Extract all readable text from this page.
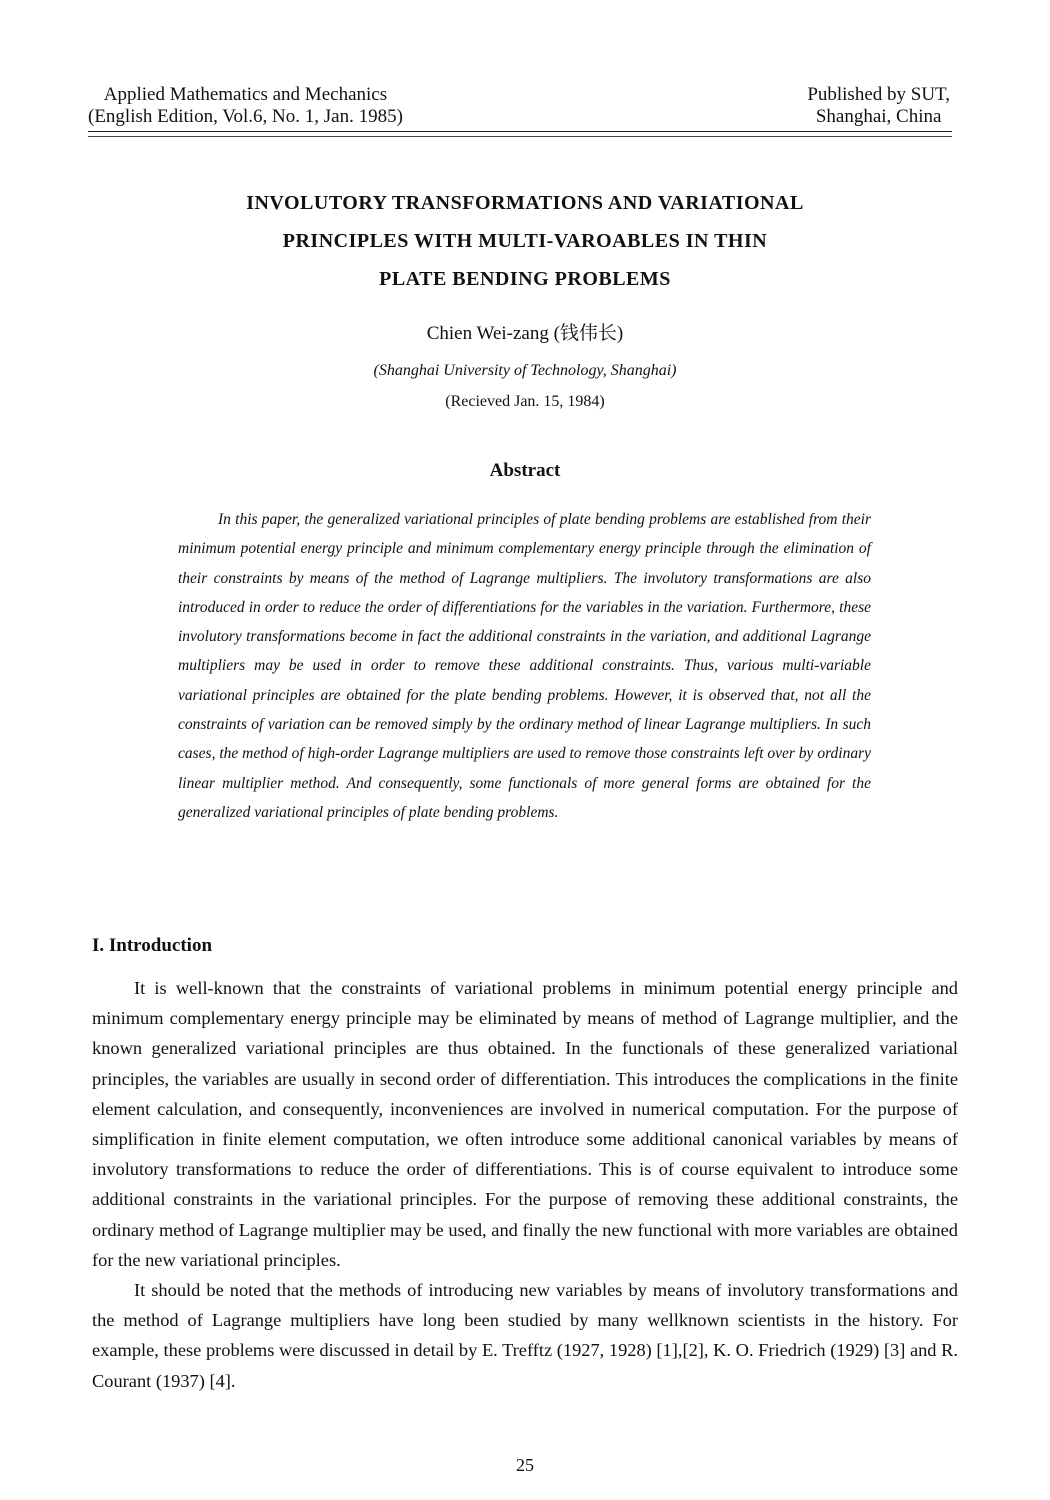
Applied Mathematics and Mechanics
(English Edition, Vol.6, No. 1, Jan. 1985)
Published by SUT,
Shanghai, China
INVOLUTORY TRANSFORMATIONS AND VARIATIONAL
PRINCIPLES WITH MULTI-VAROABLES IN THIN
PLATE BENDING PROBLEMS
Chien Wei-zang (钱伟长)
(Shanghai University of Technology, Shanghai)
(Recieved Jan. 15, 1984)
Abstract
In this paper, the generalized variational principles of plate bending problems are established from their minimum potential energy principle and minimum complementary energy principle through the elimination of their constraints by means of the method of Lagrange multipliers. The involutory transformations are also introduced in order to reduce the order of differentiations for the variables in the variation. Furthermore, these involutory transformations become in fact the additional constraints in the variation, and additional Lagrange multipliers may be used in order to remove these additional constraints. Thus, various multi-variable variational principles are obtained for the plate bending problems. However, it is observed that, not all the constraints of variation can be removed simply by the ordinary method of linear Lagrange multipliers. In such cases, the method of high-order Lagrange multipliers are used to remove those constraints left over by ordinary linear multiplier method. And consequently, some functionals of more general forms are obtained for the generalized variational principles of plate bending problems.
I. Introduction

It is well-known that the constraints of variational problems in minimum potential energy principle and minimum complementary energy principle may be eliminated by means of method of Lagrange multiplier, and the known generalized variational principles are thus obtained. In the functionals of these generalized variational principles, the variables are usually in second order of differentiation. This introduces the complications in the finite element calculation, and consequently, inconveniences are involved in numerical computation. For the purpose of simplification in finite element computation, we often introduce some additional canonical variables by means of involutory transformations to reduce the order of differentiations. This is of course equivalent to introduce some additional constraints in the variational principles. For the purpose of removing these additional constraints, the ordinary method of Lagrange multiplier may be used, and finally the new functional with more variables are obtained for the new variational principles.

It should be noted that the methods of introducing new variables by means of involutory transformations and the method of Lagrange multipliers have long been studied by many wellknown scientists in the history. For example, these problems were discussed in detail by E. Trefftz (1927, 1928) [1],[2], K. O. Friedrich (1929) [3] and R. Courant (1937) [4].

25
